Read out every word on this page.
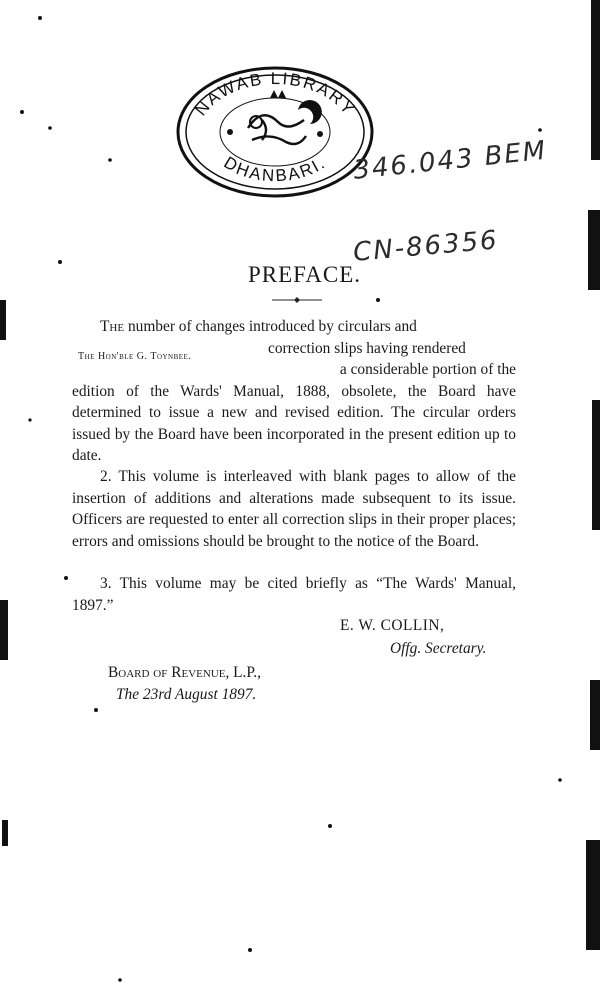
NAWAB LIBRARY
DHANBARI. 346.043 BEM
CN-86356
PREFACE.
The Hon'ble G. Toynbee.
The number of changes introduced by circulars and
correction slips having rendered
a considerable portion of the
edition of the Wards' Manual, 1888, obsolete, the Board have determined to issue a new and revised edition. The circular orders issued by the Board have been incorporated in the present edition up to date.
2. This volume is interleaved with blank pages to allow of the insertion of additions and alterations made subsequent to its issue. Officers are requested to enter all correction slips in their proper places; errors and omissions should be brought to the notice of the Board.
3. This volume may be cited briefly as “The Wards' Manual, 1897.”
E. W. COLLIN,
Offg. Secretary.
Board of Revenue, L.P.,
The 23rd August 1897.
